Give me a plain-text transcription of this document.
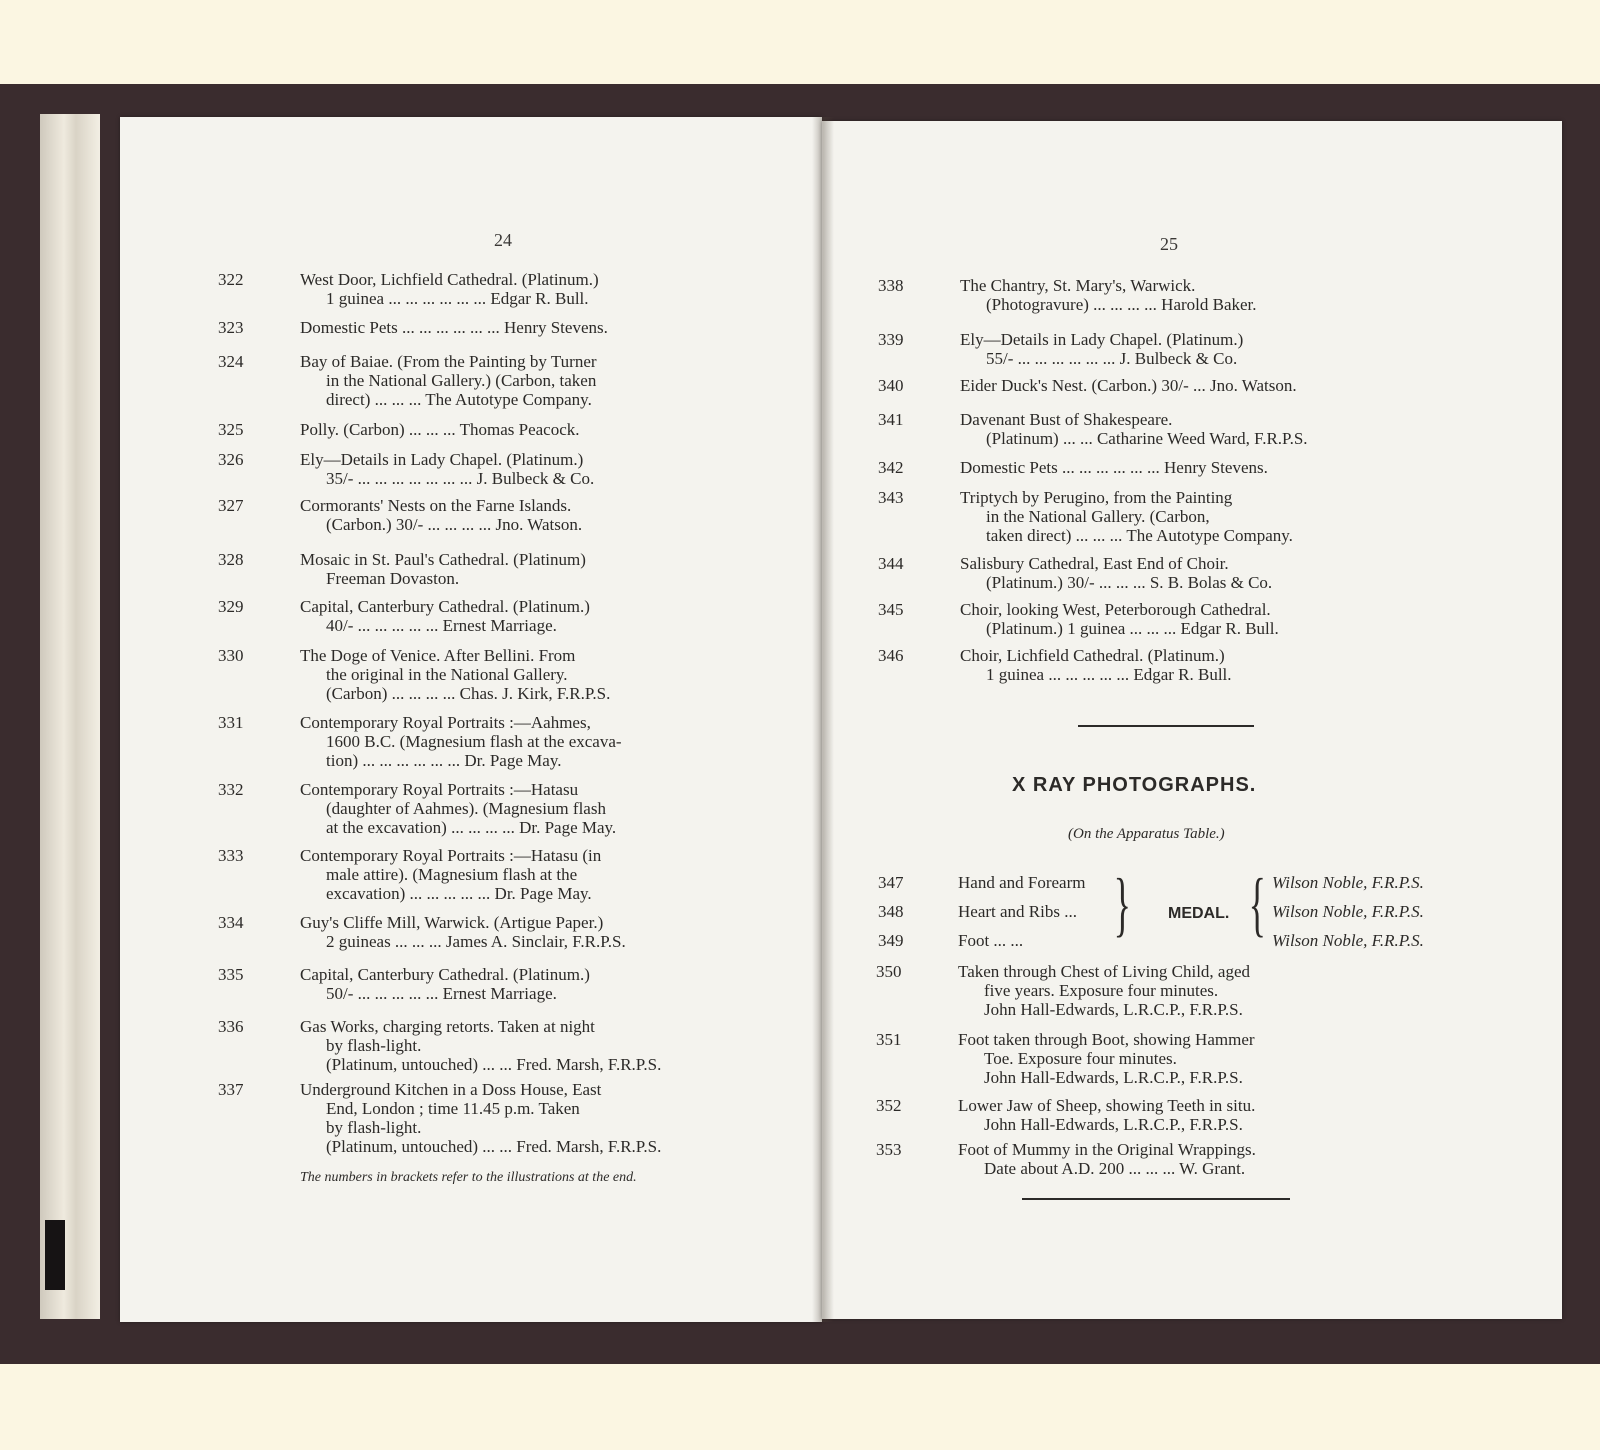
24
322	West Door, Lichfield Cathedral. (Platinum.)
1 guinea ... ... ... ... ... ... Edgar R. Bull.
323	Domestic Pets ... ... ... ... ... ... Henry Stevens.
324	Bay of Baiae. (From the Painting by Turner
in the National Gallery.) (Carbon, taken
direct) ... ... ... The Autotype Company.
325	Polly. (Carbon) ... ... ... Thomas Peacock.
326	Ely—Details in Lady Chapel. (Platinum.)
35/- ... ... ... ... ... ... ... J. Bulbeck & Co.
327	Cormorants' Nests on the Farne Islands.
(Carbon.) 30/- ... ... ... ... Jno. Watson.
328	Mosaic in St. Paul's Cathedral. (Platinum)
Freeman Dovaston.
329	Capital, Canterbury Cathedral. (Platinum.)
40/- ... ... ... ... ... Ernest Marriage.
330	The Doge of Venice. After Bellini. From
the original in the National Gallery.
(Carbon) ... ... ... ... Chas. J. Kirk, F.R.P.S.
331	Contemporary Royal Portraits :—Aahmes,
1600 B.C. (Magnesium flash at the excava-
tion) ... ... ... ... ... ... Dr. Page May.
332	Contemporary Royal Portraits :—Hatasu
(daughter of Aahmes). (Magnesium flash
at the excavation) ... ... ... ... Dr. Page May.
333	Contemporary Royal Portraits :—Hatasu (in
male attire). (Magnesium flash at the
excavation) ... ... ... ... ... Dr. Page May.
334	Guy's Cliffe Mill, Warwick. (Artigue Paper.)
2 guineas ... ... ... James A. Sinclair, F.R.P.S.
335	Capital, Canterbury Cathedral. (Platinum.)
50/- ... ... ... ... ... Ernest Marriage.
336	Gas Works, charging retorts. Taken at night
by flash-light.
(Platinum, untouched) ... ... Fred. Marsh, F.R.P.S.
337	Underground Kitchen in a Doss House, East
End, London ; time 11.45 p.m. Taken
by flash-light.
(Platinum, untouched) ... ... Fred. Marsh, F.R.P.S.
The numbers in brackets refer to the illustrations at the end.
25
338	The Chantry, St. Mary's, Warwick.
(Photogravure) ... ... ... ... Harold Baker.
339	Ely—Details in Lady Chapel. (Platinum.)
55/- ... ... ... ... ... ... J. Bulbeck & Co.
340	Eider Duck's Nest. (Carbon.) 30/- ... Jno. Watson.
341	Davenant Bust of Shakespeare.
(Platinum) ... ... Catharine Weed Ward, F.R.P.S.
342	Domestic Pets ... ... ... ... ... ... Henry Stevens.
343	Triptych by Perugino, from the Painting
in the National Gallery. (Carbon,
taken direct) ... ... ... The Autotype Company.
344	Salisbury Cathedral, East End of Choir.
(Platinum.) 30/- ... ... ... S. B. Bolas & Co.
345	Choir, looking West, Peterborough Cathedral.
(Platinum.) 1 guinea ... ... ... Edgar R. Bull.
346	Choir, Lichfield Cathedral. (Platinum.)
1 guinea ... ... ... ... ... Edgar R. Bull.
X RAY PHOTOGRAPHS.
(On the Apparatus Table.)
347	Hand and Forearm	Wilson Noble, F.R.P.S.
348	Heart and Ribs ...	Wilson Noble, F.R.P.S.
349	Foot ... ...	Wilson Noble, F.R.P.S.
} MEDAL. {
350	Taken through Chest of Living Child, aged
five years. Exposure four minutes.
John Hall-Edwards, L.R.C.P., F.R.P.S.
351	Foot taken through Boot, showing Hammer
Toe. Exposure four minutes.
John Hall-Edwards, L.R.C.P., F.R.P.S.
352	Lower Jaw of Sheep, showing Teeth in situ.
John Hall-Edwards, L.R.C.P., F.R.P.S.
353	Foot of Mummy in the Original Wrappings.
Date about A.D. 200 ... ... ... W. Grant.
